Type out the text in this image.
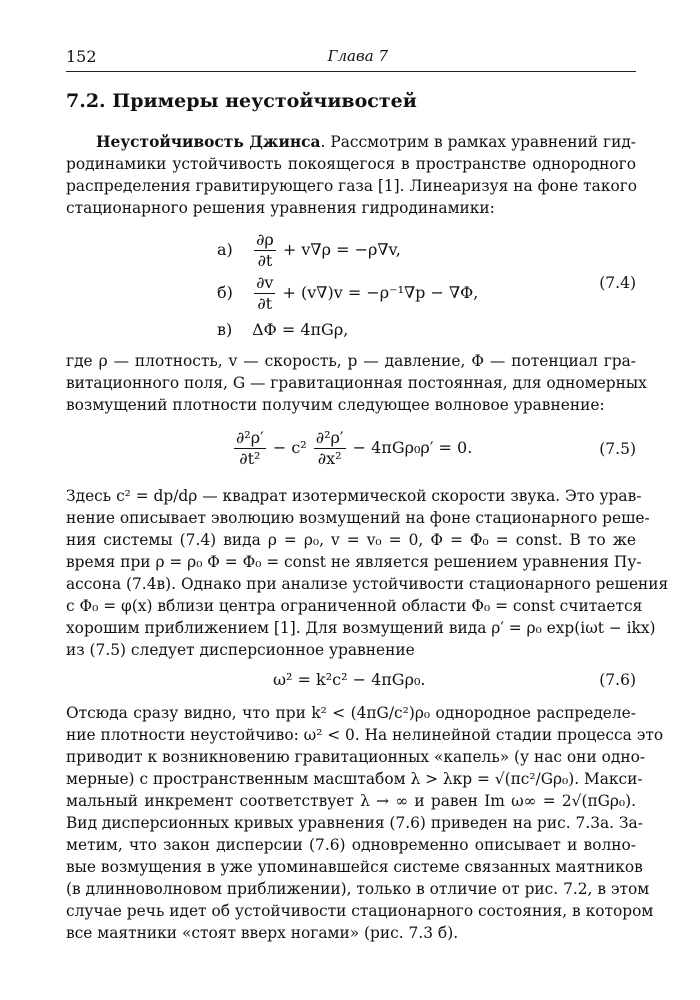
152	Глава 7
7.2. Примеры неустойчивостей
Неустойчивость Джинса. Рассмотрим в рамках уравнений гид-
родинамики устойчивость покоящегося в пространстве однородного
распределения гравитирующего газа [1]. Линеаризуя на фоне такого
стационарного решения уравнения гидродинамики:
$а) \frac{\partial\rho}{\partial t} + v\nabla\rho = -\rho\nabla v$,
$б) \frac{\partial v}{\partial t} + (v\nabla)v = -\rho^{-1}\nabla p - \nabla\Phi$,	(7.4)
в) ΔΦ = 4πGρ,
где ρ — плотность, v — скорость, p — давление, Φ — потенциал гра-
витационного поля, G — гравитационная постоянная, для одномерных
возмущений плотности получим следующее волновое уравнение:
$\frac{\text{∂²ρ′}}{\text{∂t²}} - c^2 \frac{\text{∂²ρ′}}{\text{∂x²}} - 4\pi G\rho_0\rho' = 0$.	(7.5)
Здесь c² = dp/dρ — квадрат изотермической скорости звука. Это урав-
нение описывает эволюцию возмущений на фоне стационарного реше-
ния системы (7.4) вида ρ = ρ₀, v = v₀ = 0, Φ = Φ₀ = const. В то же
время при ρ = ρ₀ Φ = Φ₀ = const не является решением уравнения Пу-
ассона (7.4в). Однако при анализе устойчивости стационарного решения
с Φ₀ = φ(x) вблизи центра ограниченной области Φ₀ = const считается
хорошим приближением [1]. Для возмущений вида ρ′ = ρ₀ exp(iωt − ikx)
из (7.5) следует дисперсионное уравнение
ω² = k²c² − 4πGρ₀.	(7.6)
Отсюда сразу видно, что при k² < (4πG/c²)ρ₀ однородное распределе-
ние плотности неустойчиво: ω² < 0. На нелинейной стадии процесса это
приводит к возникновению гравитационных «капель» (у нас они одно-
мерные) с пространственным масштабом λ > λкр = √(πc²/Gρ₀). Макси-
мальный инкремент соответствует λ → ∞ и равен Im ω∞ = 2√(πGρ₀).
Вид дисперсионных кривых уравнения (7.6) приведен на рис. 7.3а. За-
метим, что закон дисперсии (7.6) одновременно описывает и волно-
вые возмущения в уже упоминавшейся системе связанных маятников
(в длинноволновом приближении), только в отличие от рис. 7.2, в этом
случае речь идет об устойчивости стационарного состояния, в котором
все маятники «стоят вверх ногами» (рис. 7.3 б).
